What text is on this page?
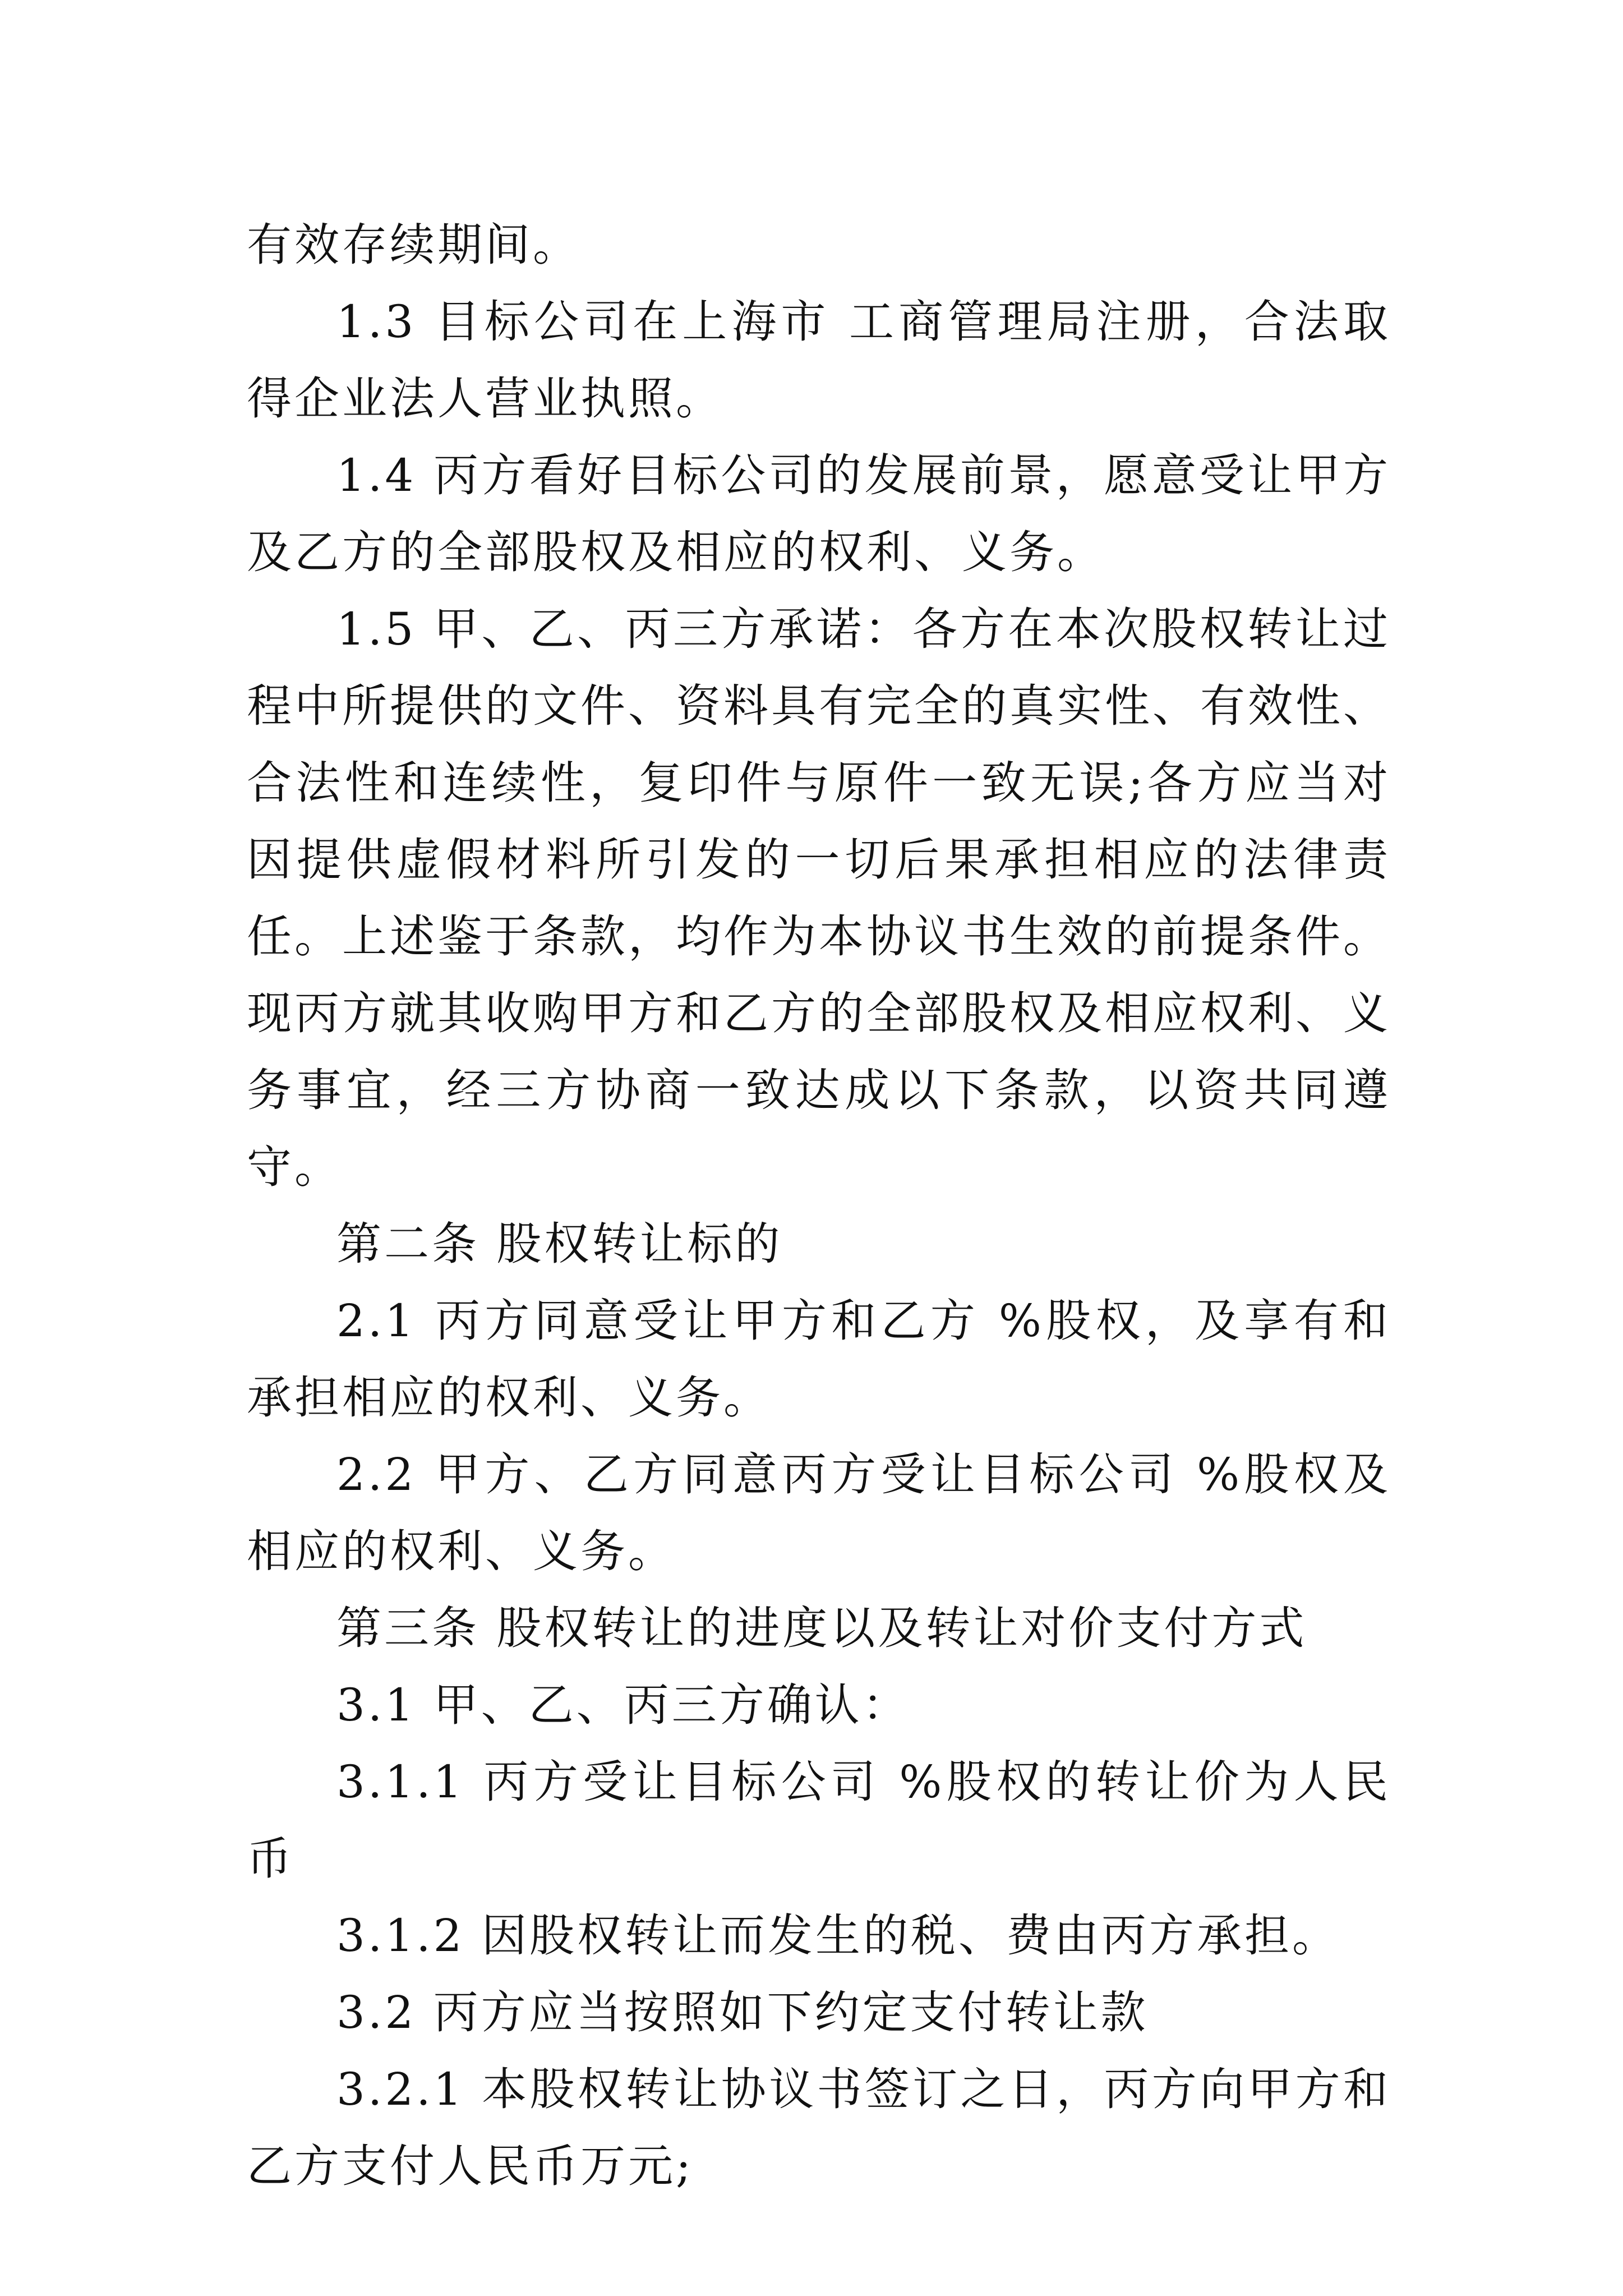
有效存续期间。

1.3 目标公司在上海市 工商管理局注册，合法取得企业法人营业执照。

1.4 丙方看好目标公司的发展前景，愿意受让甲方及乙方的全部股权及相应的权利、义务。

1.5 甲、乙、丙三方承诺：各方在本次股权转让过程中所提供的文件、资料具有完全的真实性、有效性、合法性和连续性，复印件与原件一致无误;各方应当对因提供虚假材料所引发的一切后果承担相应的法律责任。上述鉴于条款，均作为本协议书生效的前提条件。现丙方就其收购甲方和乙方的全部股权及相应权利、义务事宜，经三方协商一致达成以下条款，以资共同遵守。

第二条 股权转让标的

2.1 丙方同意受让甲方和乙方 %股权，及享有和承担相应的权利、义务。

2.2 甲方、乙方同意丙方受让目标公司 %股权及相应的权利、义务。

第三条 股权转让的进度以及转让对价支付方式

3.1 甲、乙、丙三方确认：

3.1.1 丙方受让目标公司 %股权的转让价为人民币

3.1.2 因股权转让而发生的税、费由丙方承担。

3.2 丙方应当按照如下约定支付转让款

3.2.1 本股权转让协议书签订之日，丙方向甲方和乙方支付人民币万元;
